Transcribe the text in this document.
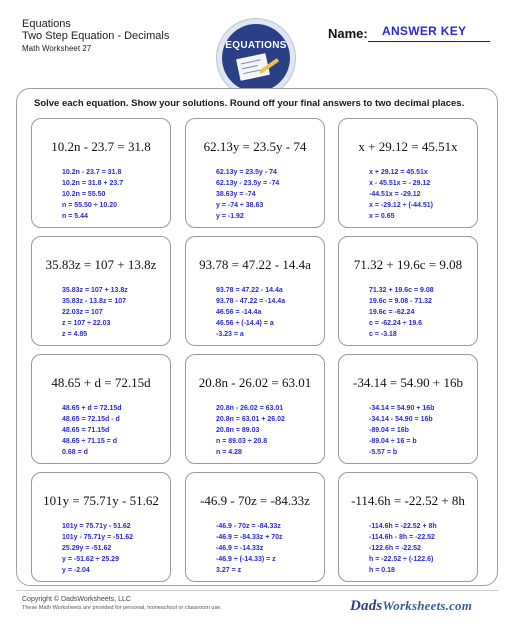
Equations
Two Step Equation - Decimals
Math Worksheet 27	EQUATIONS
Name: ANSWER KEY
Solve each equation. Show your solutions. Round off your final answers to two decimal places.
10.2n - 23.7 = 31.8
10.2n - 23.7 = 31.8
10.2n = 31.8 + 23.7
10.2n = 55.50
n = 55.50 ÷ 10.20
n = 5.44
62.13y = 23.5y - 74
62.13y = 23.5y - 74
62.13y - 23.5y = -74
38.63y = -74
y = -74 ÷ 38.63
y = -1.92
x + 29.12 = 45.51x
x + 29.12 = 45.51x
x - 45.51x = - 29.12
-44.51x = -29.12
x = -29.12 ÷ (-44.51)
x = 0.65
35.83z = 107 + 13.8z
35.83z = 107 + 13.8z
35.83z - 13.8z = 107
22.03z = 107
z = 107 ÷ 22.03
z = 4.85
93.78 = 47.22 - 14.4a
93.78 = 47.22 - 14.4a
93.78 - 47.22 = -14.4a
46.56 = -14.4a
46.56 ÷ (-14.4) = a
-3.23 = a
71.32 + 19.6c = 9.08
71.32 + 19.6c = 9.08
19.6c = 9.08 - 71.32
19.6c = -62.24
c = -62.24 ÷ 19.6
c = -3.18
48.65 + d = 72.15d
48.65 + d = 72.15d
48.65 = 72.15d - d
48.65 = 71.15d
48.65 ÷ 71.15 = d
0.68 = d
20.8n - 26.02 = 63.01
20.8n - 26.02 = 63.01
20.8n = 63.01 + 26.02
20.8n = 89.03
n = 89.03 ÷ 20.8
n = 4.28
-34.14 = 54.90 + 16b
-34.14 = 54.90 + 16b
-34.14 - 54.90 = 16b
-89.04 = 16b
-89.04 ÷ 16 = b
-5.57 = b
101y = 75.71y - 51.62
101y = 75.71y - 51.62
101y - 75.71y = -51.62
25.29y = -51.62
y = -51.62 ÷ 25.29
y = -2.04
-46.9 - 70z = -84.33z
-46.9 - 70z = -84.33z
-46.9 = -84.33z + 70z
-46.9 = -14.33z
-46.9 ÷ (-14.33) = z
3.27 = z
-114.6h = -22.52 + 8h
-114.6h = -22.52 + 8h
-114.6h - 8h = -22.52
-122.6h = -22.52
h = -22.52 ÷ (-122.6)
h = 0.18
Copyright © DadsWorksheets, LLC
These Math Worksheets are provided for personal, homeschool or classroom use.	DadsWorksheets.com
